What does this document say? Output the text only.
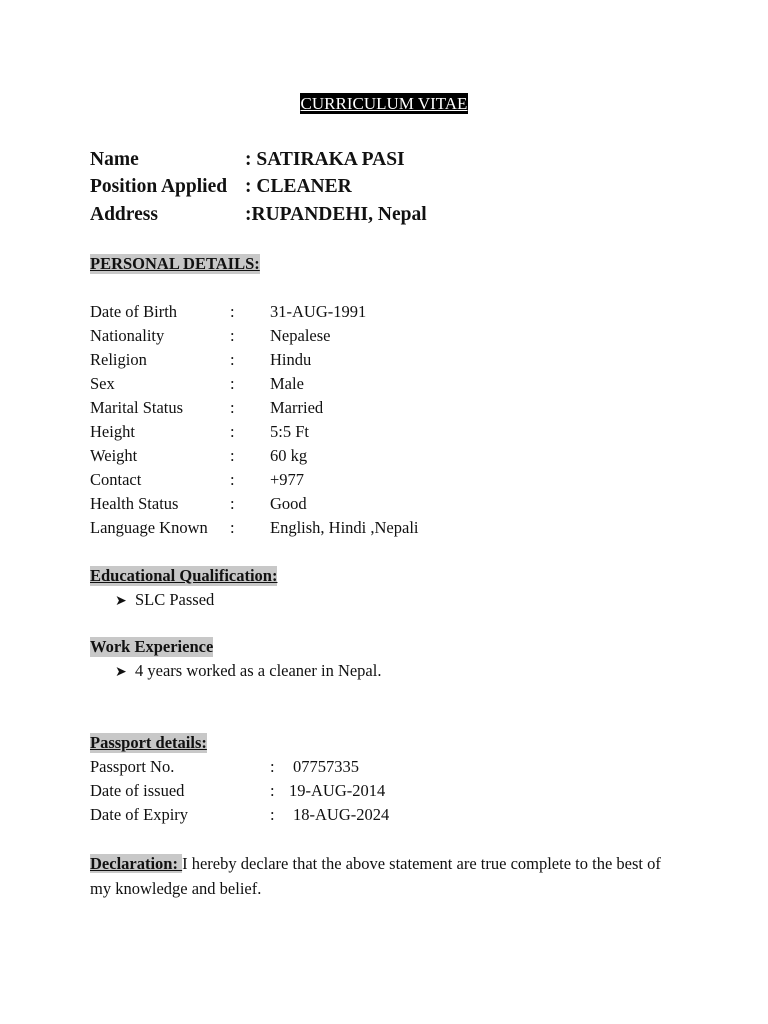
CURRICULUM VITAE
Name	: SATIRAKA PASI
Position Applied : CLEANER
Address	:RUPANDEHI, Nepal
PERSONAL DETAILS:
Date of Birth	: 31-AUG-1991
Nationality	: Nepalese
Religion	: Hindu
Sex	: Male
Marital Status	: Married
Height	: 5:5 Ft
Weight	: 60 kg
Contact	: +977
Health Status	: Good
Language Known : English, Hindi ,Nepali
Educational Qualification:
➤ SLC Passed
Work Experience
➤ 4 years worked as a cleaner in Nepal.
Passport details:
Passport No.	: 07757335
Date of issued	: 19-AUG-2014
Date of Expiry	: 18-AUG-2024
Declaration: I hereby declare that the above statement are true complete to the best of my knowledge and belief.
